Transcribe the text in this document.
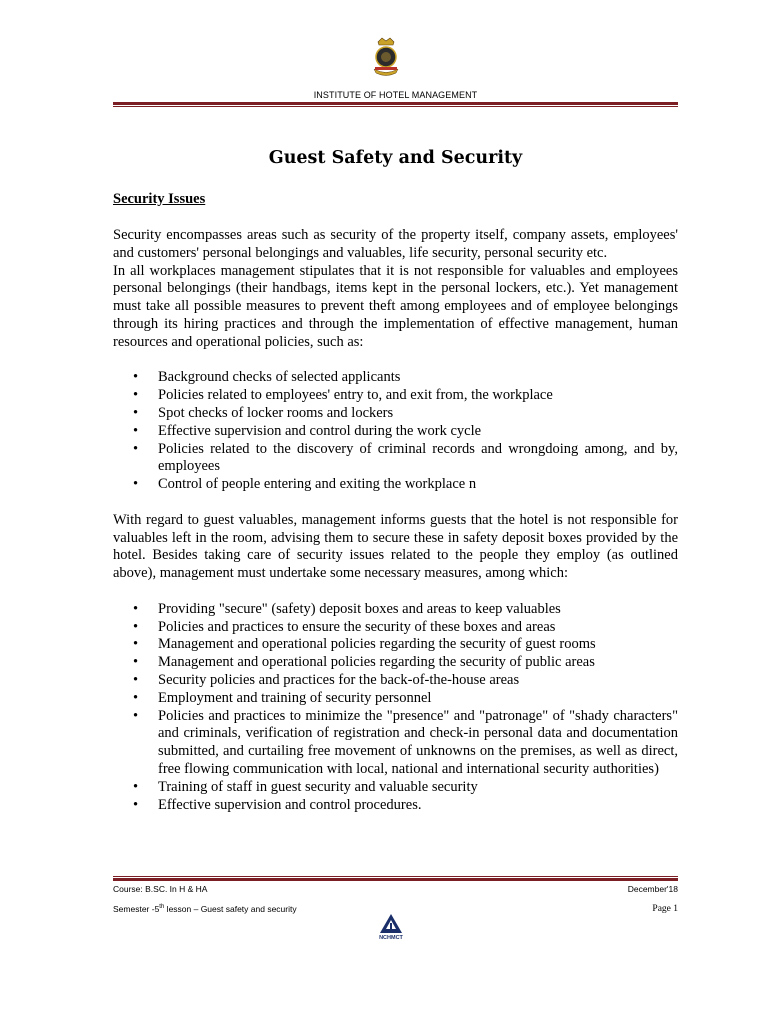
INSTITUTE OF HOTEL MANAGEMENT
Guest Safety and Security
Security Issues

Security encompasses areas such as security of the property itself, company assets, employees' and customers' personal belongings and valuables, life security, personal security etc.

In all workplaces management stipulates that it is not responsible for valuables and employees personal belongings (their handbags, items kept in the personal lockers, etc.). Yet management must take all possible measures to prevent theft among employees and of employee belongings through its hiring practices and through the implementation of effective management, human resources and operational policies, such as:

• Background checks of selected applicants
• Policies related to employees' entry to, and exit from, the workplace
• Spot checks of locker rooms and lockers
• Effective supervision and control during the work cycle
• Policies related to the discovery of criminal records and wrongdoing among, and by, employees
• Control of people entering and exiting the workplace n

With regard to guest valuables, management informs guests that the hotel is not responsible for valuables left in the room, advising them to secure these in safety deposit boxes provided by the hotel. Besides taking care of security issues related to the people they employ (as outlined above), management must undertake some necessary measures, among which:

• Providing "secure" (safety) deposit boxes and areas to keep valuables
• Policies and practices to ensure the security of these boxes and areas
• Management and operational policies regarding the security of guest rooms
• Management and operational policies regarding the security of public areas
• Security policies and practices for the back-of-the-house areas
• Employment and training of security personnel
• Policies and practices to minimize the "presence" and "patronage" of "shady characters" and criminals, verification of registration and check-in personal data and documentation submitted, and curtailing free movement of unknowns on the premises, as well as direct, free flowing communication with local, national and international security authorities)
• Training of staff in guest security and valuable security
• Effective supervision and control procedures.
Course: B.SC. In H & HA	December'18
Semester -5th lesson – Guest safety and security	Page 1
NCHMCT
